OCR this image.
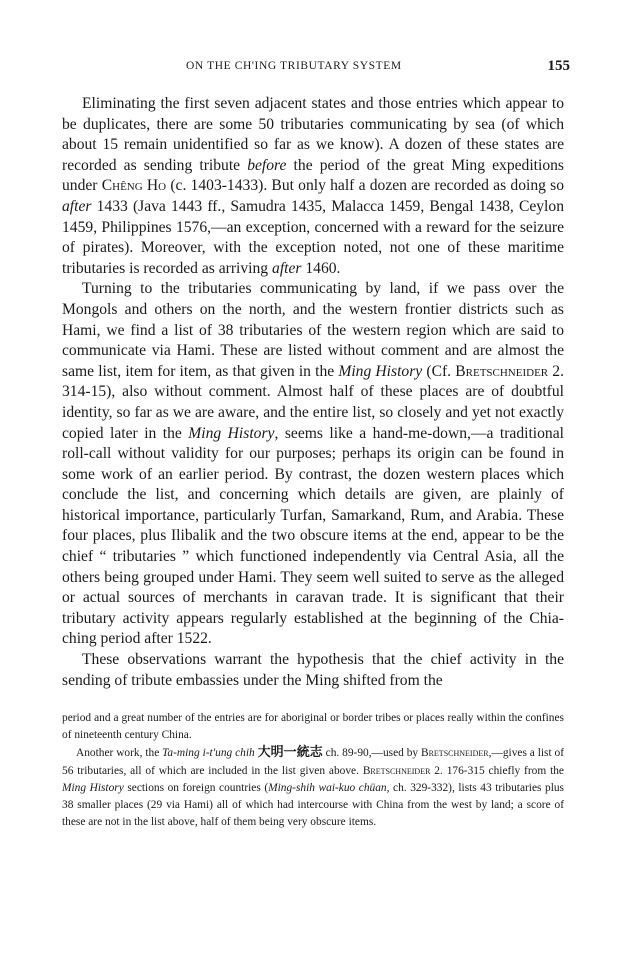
ON THE CH'ING TRIBUTARY SYSTEM	155

Eliminating the first seven adjacent states and those entries which appear to be duplicates, there are some 50 tributaries communicating by sea (of which about 15 remain unidentified so far as we know). A dozen of these states are recorded as sending tribute before the period of the great Ming expeditions under Chêng Ho (c. 1403-1433). But only half a dozen are recorded as doing so after 1433 (Java 1443 ff., Samudra 1435, Malacca 1459, Bengal 1438, Ceylon 1459, Philippines 1576,—an exception, concerned with a reward for the seizure of pirates). Moreover, with the exception noted, not one of these maritime tributaries is recorded as arriving after 1460.

Turning to the tributaries communicating by land, if we pass over the Mongols and others on the north, and the western frontier districts such as Hami, we find a list of 38 tributaries of the western region which are said to communicate via Hami. These are listed without comment and are almost the same list, item for item, as that given in the Ming History (Cf. Bretschneider 2. 314-15), also without comment. Almost half of these places are of doubtful identity, so far as we are aware, and the entire list, so closely and yet not exactly copied later in the Ming History, seems like a hand-me-down,—a traditional roll-call without validity for our purposes; perhaps its origin can be found in some work of an earlier period. By contrast, the dozen western places which conclude the list, and concerning which details are given, are plainly of historical importance, particularly Turfan, Samarkand, Rum, and Arabia. These four places, plus Ilibalik and the two obscure items at the end, appear to be the chief “ tributaries ” which functioned independently via Central Asia, all the others being grouped under Hami. They seem well suited to serve as the alleged or actual sources of merchants in caravan trade. It is significant that their tributary activity appears regularly established at the beginning of the Chia-ching period after 1522.

These observations warrant the hypothesis that the chief activity in the sending of tribute embassies under the Ming shifted from the

period and a great number of the entries are for aboriginal or border tribes or places really within the confines of nineteenth century China.

Another work, the Ta-ming i-t'ung chih 大明一統志 ch. 89-90,—used by Bretschneider,—gives a list of 56 tributaries, all of which are included in the list given above. Bretschneider 2. 176-315 chiefly from the Ming History sections on foreign countries (Ming-shih wai-kuo chüan, ch. 329-332), lists 43 tributaries plus 38 smaller places (29 via Hami) all of which had intercourse with China from the west by land; a score of these are not in the list above, half of them being very obscure items.
